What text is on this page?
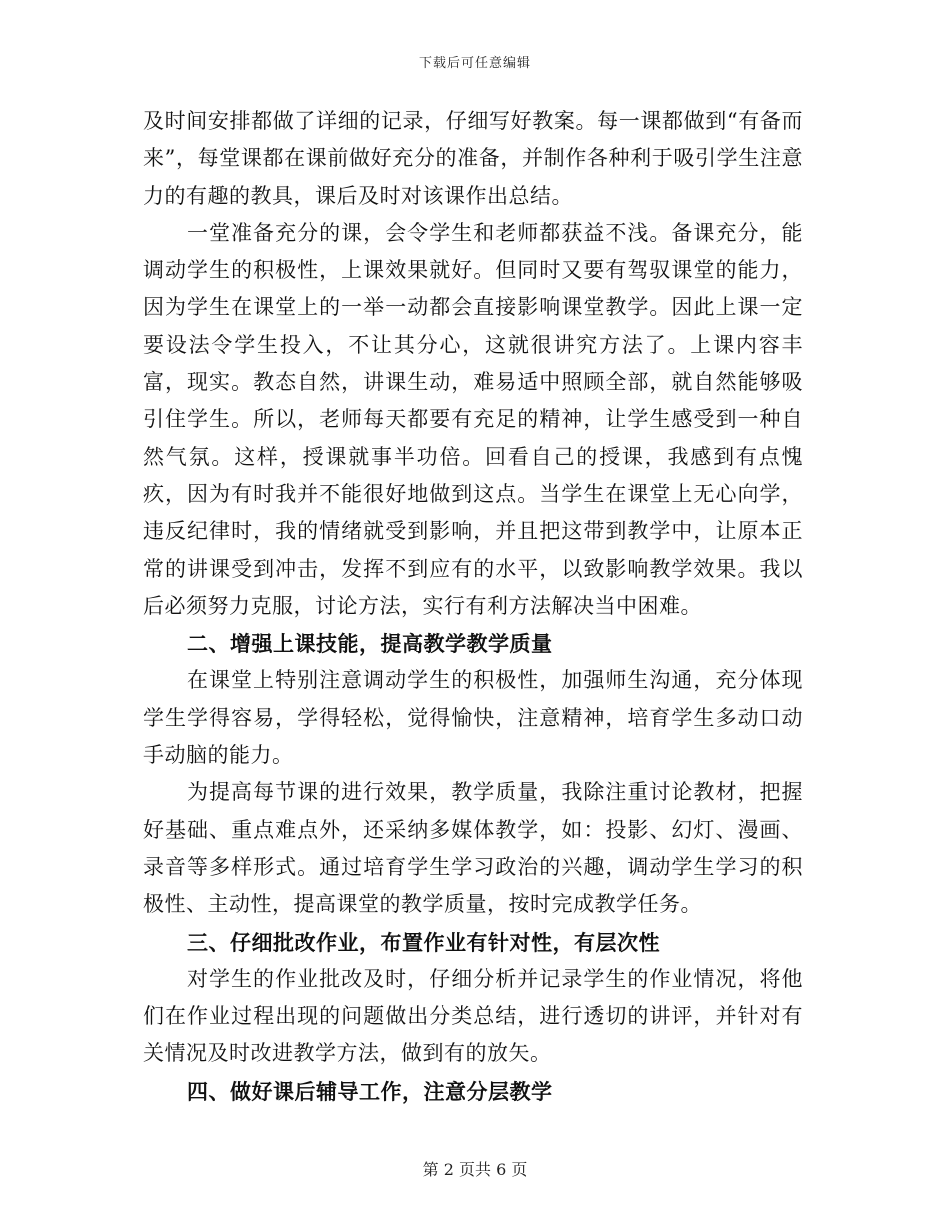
下载后可任意编辑

及时间安排都做了详细的记录，仔细写好教案。每一课都做到“有备而来”，每堂课都在课前做好充分的准备，并制作各种利于吸引学生注意力的有趣的教具，课后及时对该课作出总结。

一堂准备充分的课，会令学生和老师都获益不浅。备课充分，能调动学生的积极性，上课效果就好。但同时又要有驾驭课堂的能力，因为学生在课堂上的一举一动都会直接影响课堂教学。因此上课一定要设法令学生投入，不让其分心，这就很讲究方法了。上课内容丰富，现实。教态自然，讲课生动，难易适中照顾全部，就自然能够吸引住学生。所以，老师每天都要有充足的精神，让学生感受到一种自然气氛。这样，授课就事半功倍。回看自己的授课，我感到有点愧疚，因为有时我并不能很好地做到这点。当学生在课堂上无心向学，违反纪律时，我的情绪就受到影响，并且把这带到教学中，让原本正常的讲课受到冲击，发挥不到应有的水平，以致影响教学效果。我以后必须努力克服，讨论方法，实行有利方法解决当中困难。

二、增强上课技能，提高教学教学质量

在课堂上特别注意调动学生的积极性，加强师生沟通，充分体现学生学得容易，学得轻松，觉得愉快，注意精神，培育学生多动口动手动脑的能力。

为提高每节课的进行效果，教学质量，我除注重讨论教材，把握好基础、重点难点外，还采纳多媒体教学，如：投影、幻灯、漫画、录音等多样形式。通过培育学生学习政治的兴趣，调动学生学习的积极性、主动性，提高课堂的教学质量，按时完成教学任务。

三、仔细批改作业，布置作业有针对性，有层次性

对学生的作业批改及时，仔细分析并记录学生的作业情况，将他们在作业过程出现的问题做出分类总结，进行透切的讲评，并针对有关情况及时改进教学方法，做到有的放矢。

四、做好课后辅导工作，注意分层教学

第 2 页共 6 页
